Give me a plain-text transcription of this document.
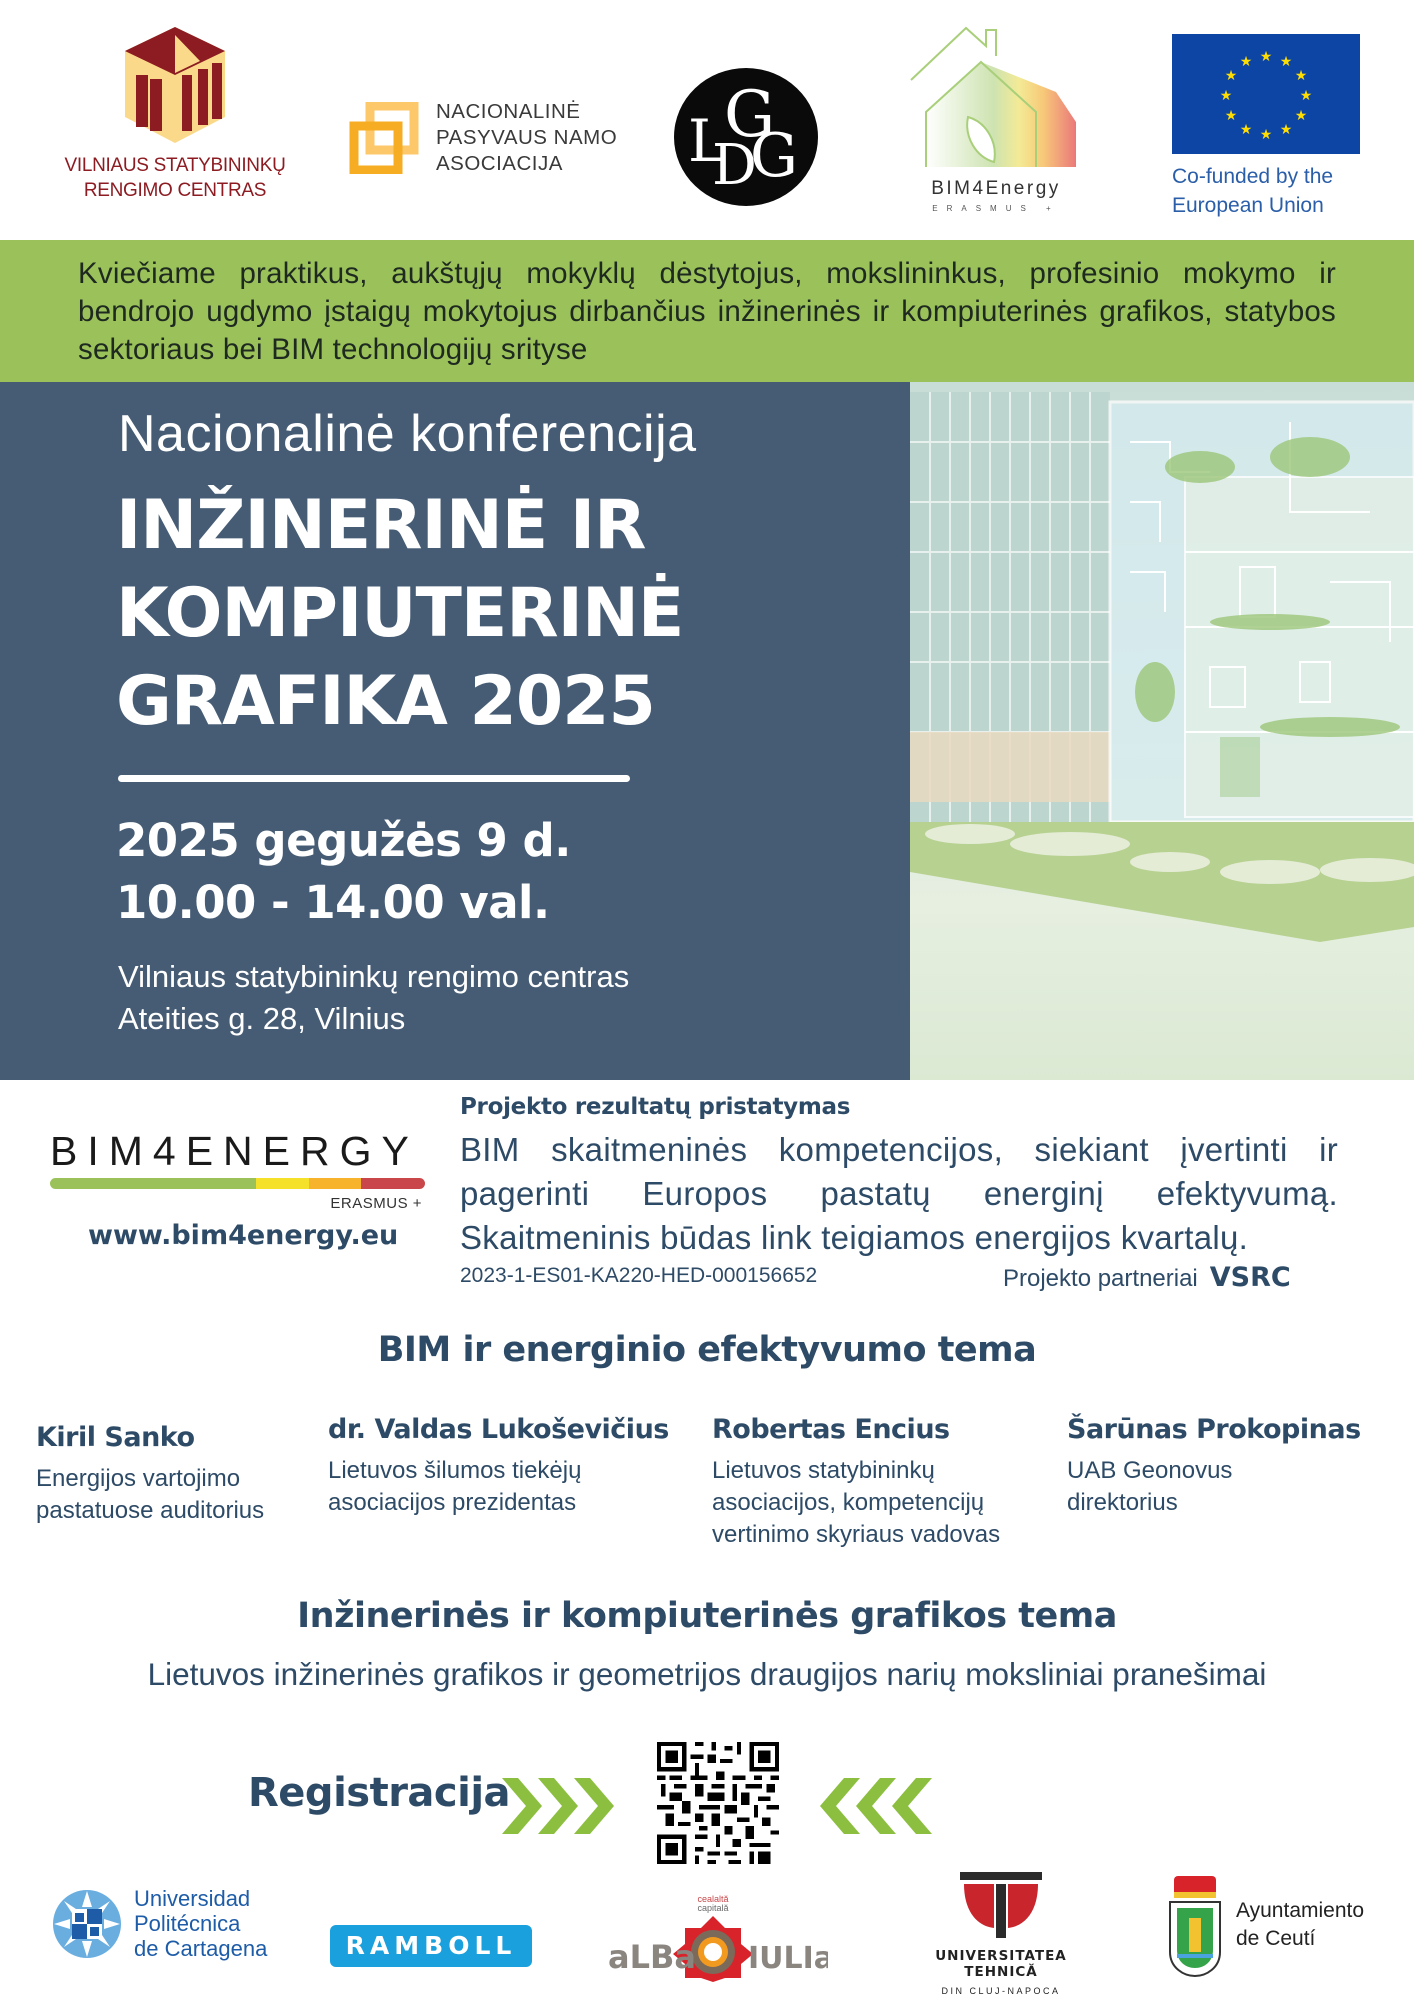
VILNIAUS STATYBININKŲ
RENGIMO CENTRAS
NACIONALINĖ
PASYVAUS NAMO
ASOCIACIJA	L
G
D
G	BIM4Energy
ERASMUS +
★ ★
★
★
★
★
★
★
★
★
★
★
Co-funded by the
European Union

Kviečiame praktikus, aukštųjų mokyklų dėstytojus, mokslininkus, profesinio mokymo ir bendrojo ugdymo įstaigų mokytojus dirbančius inžinerinės ir kompiuterinės grafikos, statybos sektoriaus bei BIM technologijų srityse

Nacionalinė konferencija
INŽINERINĖ IR
KOMPIUTERINĖ
GRAFIKA 2025
2025 gegužės 9 d.
10.00 - 14.00 val.
Vilniaus statybininkų rengimo centras
Ateities g. 28, Vilnius
BIM4ENERGY
ERASMUS +
www.bim4energy.eu
Projekto rezultatų pristatymas

BIM skaitmeninės kompetencijos, siekiant įvertinti ir pagerinti Europos pastatų energinį efektyvumą. Skaitmeninis būdas link teigiamos energijos kvartalų.

2023-1-ES01-KA220-HED-000156652	Projekto partneriai VSRC
BIM ir energinio efektyvumo tema
Kiril Sanko
Energijos vartojimo
pastatuose auditorius
dr. Valdas Lukoševičius
Lietuvos šilumos tiekėjų
asociacijos prezidentas
Robertas Encius
Lietuvos statybininkų
asociacijos, kompetencijų
vertinimo skyriaus vadovas
Šarūnas Prokopinas
UAB Geonovus
direktorius
Inžinerinės ir kompiuterinės grafikos tema
Lietuvos inžinerinės grafikos ir geometrijos draugijos narių moksliniai pranešimai
Registracija
Universidad
Politécnica
de Cartagena	RAMBOLL
cealaltă
capitală
aLBa IULIa	UNIVERSITATEA TEHNICĂ
DIN CLUJ-NAPOCA
Ayuntamiento
de Ceutí
